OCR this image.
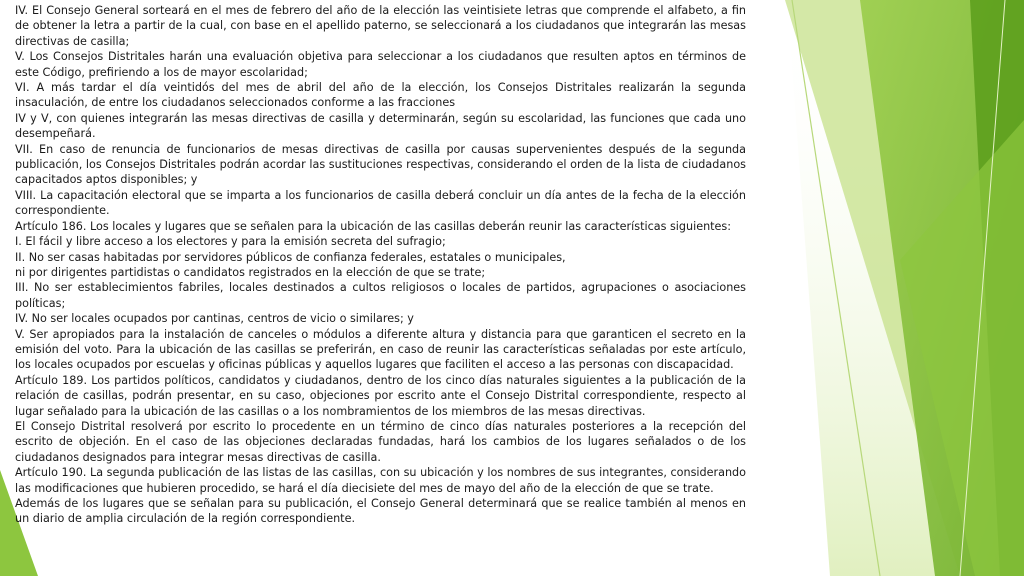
IV. El Consejo General sorteará en el mes de febrero del año de la elección las veintisiete letras que comprende el alfabeto, a fin de obtener la letra a partir de la cual, con base en el apellido paterno, se seleccionará a los ciudadanos que integrarán las mesas directivas de casilla;

V. Los Consejos Distritales harán una evaluación objetiva para seleccionar a los ciudadanos que resulten aptos en términos de este Código, prefiriendo a los de mayor escolaridad;

VI. A más tardar el día veintidós del mes de abril del año de la elección, los Consejos Distritales realizarán la segunda insaculación, de entre los ciudadanos seleccionados conforme a las fracciones

IV y V, con quienes integrarán las mesas directivas de casilla y determinarán, según su escolaridad, las funciones que cada uno desempeñará.

VII. En caso de renuncia de funcionarios de mesas directivas de casilla por causas supervenientes después de la segunda publicación, los Consejos Distritales podrán acordar las sustituciones respectivas, considerando el orden de la lista de ciudadanos capacitados aptos disponibles; y

VIII. La capacitación electoral que se imparta a los funcionarios de casilla deberá concluir un día antes de la fecha de la elección correspondiente.

Artículo 186. Los locales y lugares que se señalen para la ubicación de las casillas deberán reunir las características siguientes:

I. El fácil y libre acceso a los electores y para la emisión secreta del sufragio;

II. No ser casas habitadas por servidores públicos de confianza federales, estatales o municipales,

ni por dirigentes partidistas o candidatos registrados en la elección de que se trate;

III. No ser establecimientos fabriles, locales destinados a cultos religiosos o locales de partidos, agrupaciones o asociaciones políticas;

IV. No ser locales ocupados por cantinas, centros de vicio o similares; y

V. Ser apropiados para la instalación de canceles o módulos a diferente altura y distancia para que garanticen el secreto en la emisión del voto. Para la ubicación de las casillas se preferirán, en caso de reunir las características señaladas por este artículo, los locales ocupados por escuelas y oficinas públicas y aquellos lugares que faciliten el acceso a las personas con discapacidad.

Artículo 189. Los partidos políticos, candidatos y ciudadanos, dentro de los cinco días naturales siguientes a la publicación de la relación de casillas, podrán presentar, en su caso, objeciones por escrito ante el Consejo Distrital correspondiente, respecto al lugar señalado para la ubicación de las casillas o a los nombramientos de los miembros de las mesas directivas.

El Consejo Distrital resolverá por escrito lo procedente en un término de cinco días naturales posteriores a la recepción del escrito de objeción. En el caso de las objeciones declaradas fundadas, hará los cambios de los lugares señalados o de los ciudadanos designados para integrar mesas directivas de casilla.

Artículo 190. La segunda publicación de las listas de las casillas, con su ubicación y los nombres de sus integrantes, considerando las modificaciones que hubieren procedido, se hará el día diecisiete del mes de mayo del año de la elección de que se trate.

Además de los lugares que se señalan para su publicación, el Consejo General determinará que se realice también al menos en un diario de amplia circulación de la región correspondiente.
